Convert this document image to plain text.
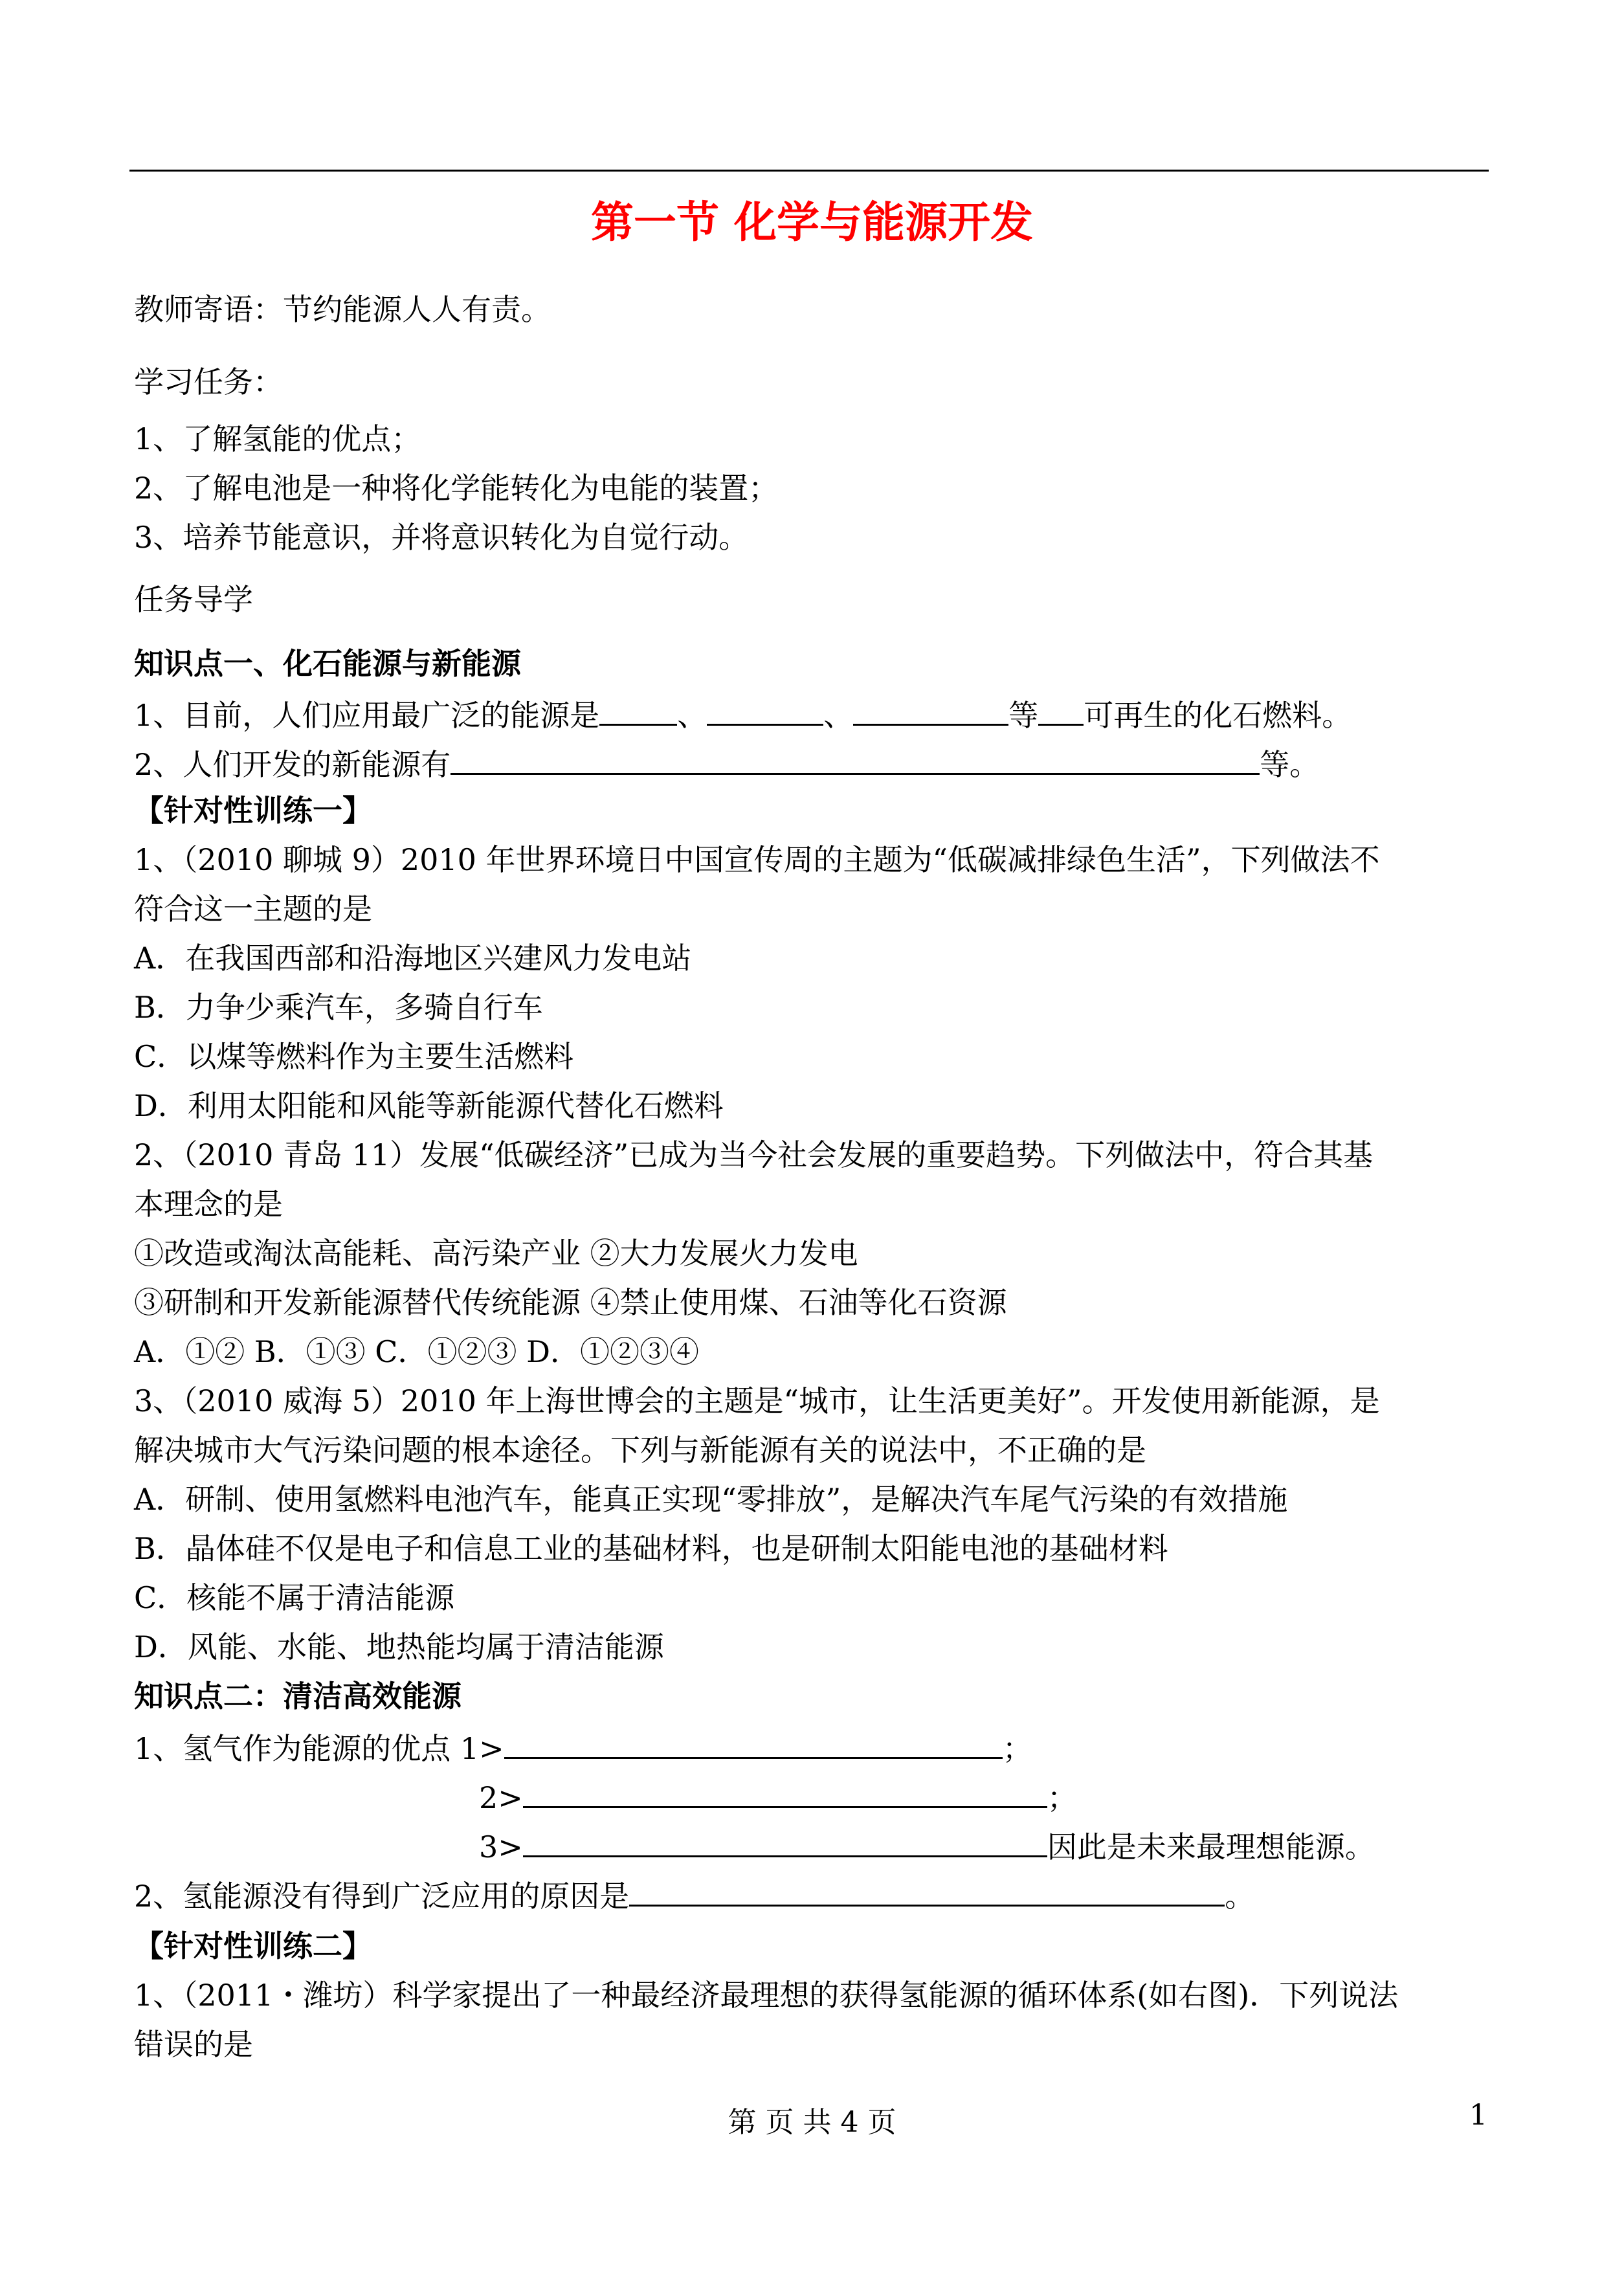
第一节 化学与能源开发
教师寄语：节约能源人人有责。
学习任务：
1、了解氢能的优点；
2、了解电池是一种将化学能转化为电能的装置；
3、培养节能意识，并将意识转化为自觉行动。
任务导学
知识点一、化石能源与新能源
1、目前，人们应用最广泛的能源是	、	、	等 可再生的化石燃料。
2、人们开发的新能源有	等。
【针对性训练一】
1、（2010 聊城 9）2010 年世界环境日中国宣传周的主题为“低碳减排绿色生活”，下列做法不
符合这一主题的是
A．在我国西部和沿海地区兴建风力发电站
B．力争少乘汽车，多骑自行车
C．以煤等燃料作为主要生活燃料
D．利用太阳能和风能等新能源代替化石燃料
2、（2010 青岛 11）发展“低碳经济”已成为当今社会发展的重要趋势。下列做法中，符合其基
本理念的是
①改造或淘汰高能耗、高污染产业 ②大力发展火力发电
③研制和开发新能源替代传统能源 ④禁止使用煤、石油等化石资源
A．①② B．①③ C．①②③ D．①②③④
3、（2010 威海 5）2010 年上海世博会的主题是“城市，让生活更美好”。开发使用新能源，是
解决城市大气污染问题的根本途径。下列与新能源有关的说法中，不正确的是
A．研制、使用氢燃料电池汽车，能真正实现“零排放”，是解决汽车尾气污染的有效措施
B．晶体硅不仅是电子和信息工业的基础材料，也是研制太阳能电池的基础材料
C．核能不属于清洁能源
D．风能、水能、地热能均属于清洁能源
知识点二：清洁高效能源
1、氢气作为能源的优点 1>	；
2>	；
3>	因此是未来最理想能源。
2、氢能源没有得到广泛应用的原因是	。
【针对性训练二】
1、（2011・潍坊）科学家提出了一种最经济最理想的获得氢能源的循环体系(如右图)．下列说法
错误的是
第 页 共 4 页	1
